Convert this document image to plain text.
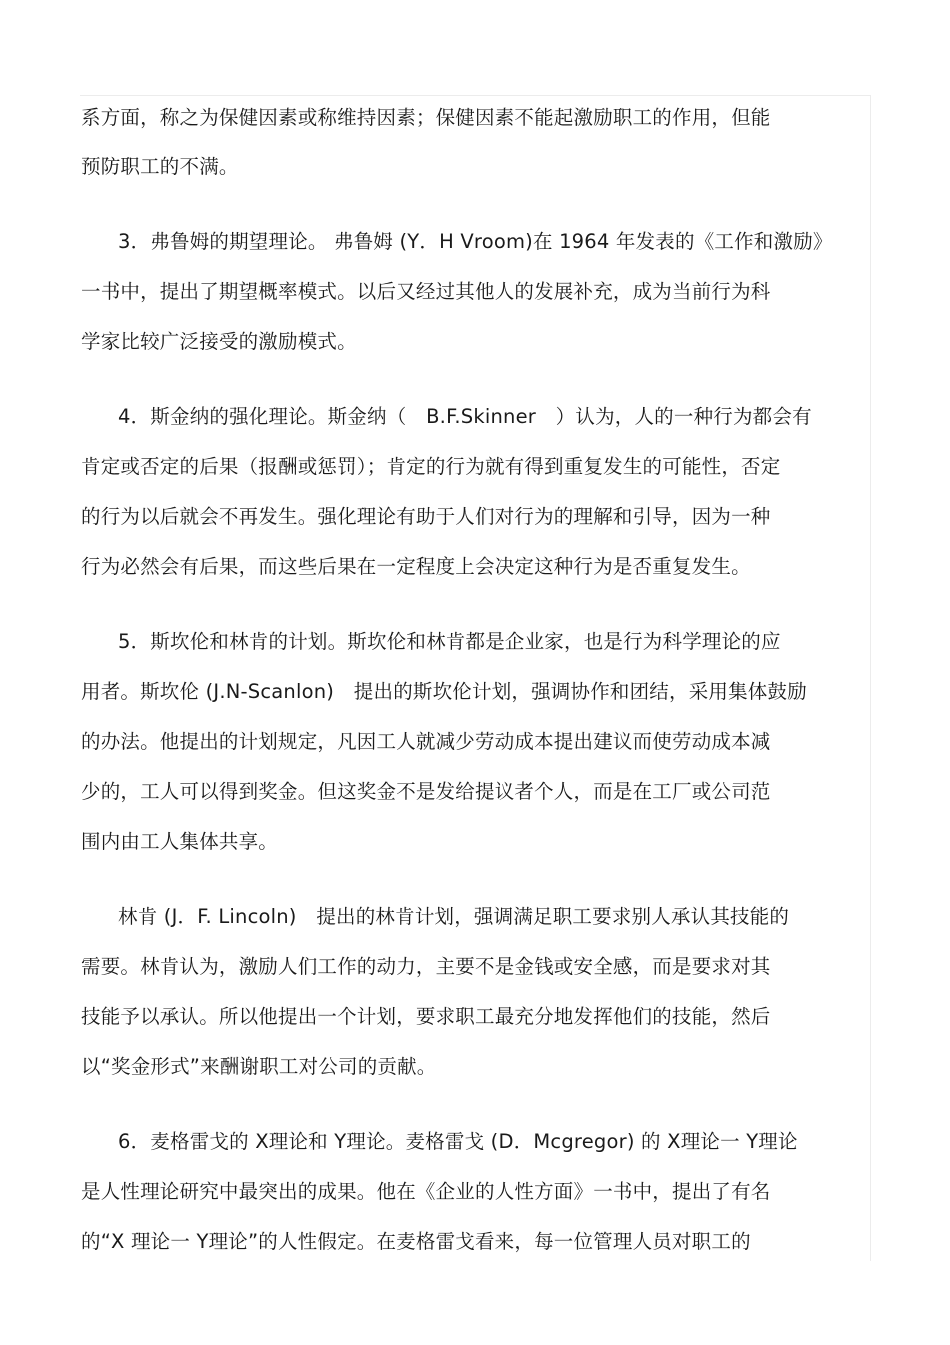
系方面，称之为保健因素或称维持因素；保健因素不能起激励职工的作用，但能
预防职工的不满。
3．弗鲁姆的期望理论。 弗鲁姆 (Y．H Vroom)在 1964 年发表的《工作和激励》
一书中，提出了期望概率模式。以后又经过其他人的发展补充，成为当前行为科
学家比较广泛接受的激励模式。
4．斯金纳的强化理论。斯金纳（　B.F.Skinner　）认为，人的一种行为都会有
肯定或否定的后果（报酬或惩罚）；肯定的行为就有得到重复发生的可能性，否定
的行为以后就会不再发生。强化理论有助于人们对行为的理解和引导，因为一种
行为必然会有后果，而这些后果在一定程度上会决定这种行为是否重复发生。
5．斯坎伦和林肯的计划。斯坎伦和林肯都是企业家，也是行为科学理论的应
用者。斯坎伦 (J.N-Scanlon)　提出的斯坎伦计划，强调协作和团结，采用集体鼓励
的办法。他提出的计划规定，凡因工人就减少劳动成本提出建议而使劳动成本减
少的，工人可以得到奖金。但这奖金不是发给提议者个人，而是在工厂或公司范
围内由工人集体共享。
林肯 (J．F. Lincoln)　提出的林肯计划，强调满足职工要求别人承认其技能的
需要。林肯认为，激励人们工作的动力，主要不是金钱或安全感，而是要求对其
技能予以承认。所以他提出一个计划，要求职工最充分地发挥他们的技能，然后
以“奖金形式”来酬谢职工对公司的贡献。
6．麦格雷戈的 X理论和 Y理论。麦格雷戈 (D．Mcgregor) 的 X理论一 Y理论
是人性理论研究中最突出的成果。他在《企业的人性方面》一书中，提出了有名
的“X 理论一 Y理论”的人性假定。在麦格雷戈看来，每一位管理人员对职工的
